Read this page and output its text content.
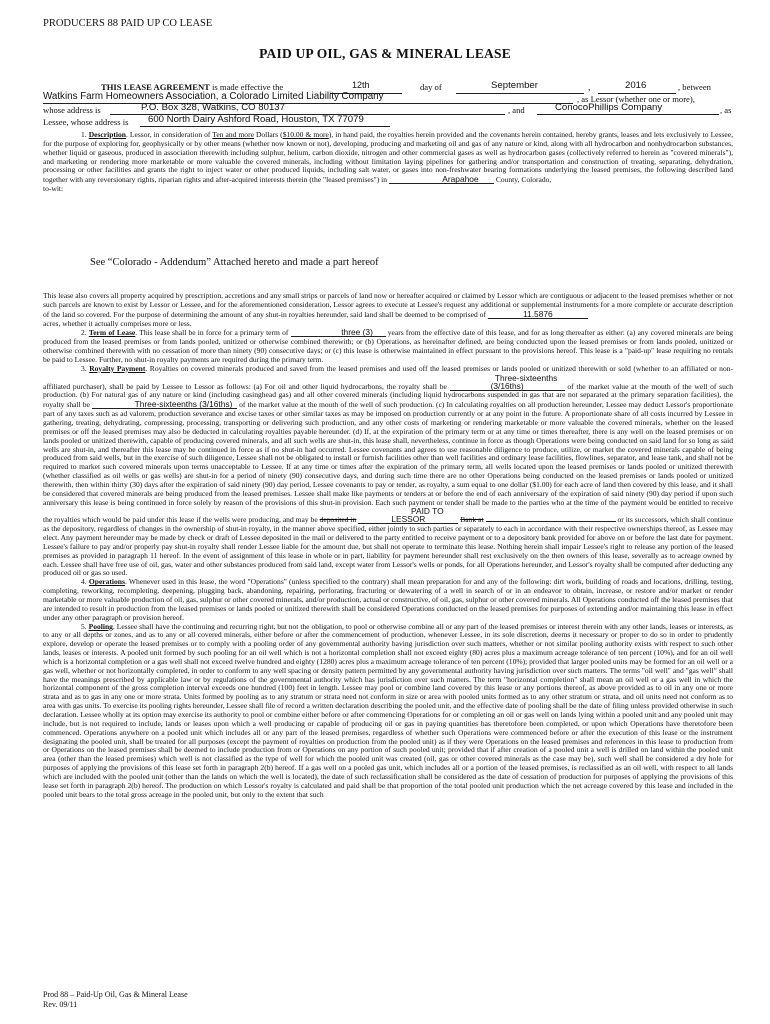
PRODUCERS 88 PAID UP CO LEASE
PAID UP OIL, GAS & MINERAL LEASE
THIS LEASE AGREEMENT is made effective the	12th	day of	September	,	2016	, between
Watkins Farm Homeowners Association, a Colorado Limited Liability Company	, as Lessor (whether one or more),
whose address is	P.O. Box 328, Watkins, CO 80137	, and	ConocoPhillips Company	, as
Lessee, whose address is 600 North Dairy Ashford Road, Houston, TX 77079

1. Description. Lessor, in consideration of Ten and more Dollars ($10.00 & more), in hand paid, the royalties herein provided and the covenants herein contained, hereby grants, leases and lets exclusively to Lessee, for the purpose of exploring for, geophysically or by other means (whether now known or not), developing, producing and marketing oil and gas of any nature or kind, along with all hydrocarbon and nonhydrocarbon substances, whether liquid or gaseous, produced in association therewith including sulphur, helium, carbon dioxide, nitrogen and other commercial gases as well as hydrocarbon gases (collectively referred to herein as "covered minerals"), and marketing or rendering more marketable or more valuable the covered minerals, including without limitation laying pipelines for gathering and/or transportation and construction of treating, separating, dehydration, processing or other facilities and grants the right to inject water or other produced liquids, including salt water, or gases into non-freshwater bearing formations underlying the leased premises, the following described land together with any reversionary rights, riparian rights and after-acquired interests therein (the "leased premises") in	Arapahoe County, Colorado,

to-wit:

See “Colorado - Addendum” Attached hereto and made a part hereof

This lease also covers all property acquired by prescription, accretions and any small strips or parcels of land now or hereafter acquired or claimed by Lessor which are contiguous or adjacent to the leased premises whether or not such parcels are known to exist by Lessor or Lessee, and for the aforementioned consideration, Lessor agrees to execute at Lessee's request any additional or supplemental instruments for a more complete or accurate description of the land so covered. For the purpose of determining the amount of any shut-in royalties hereunder, said land shall be deemed to be comprised of	11.5876

acres, whether it actually comprises more or less.

2. Term of Lease. This lease shall be in force for a primary term of	three (3) years from the effective date of this lease, and for as long thereafter as either: (a) any covered minerals are being produced from the leased premises or from lands pooled, unitized or otherwise combined therewith; or (b) Operations, as hereinafter defined, are being conducted upon the leased premises or from lands pooled, unitized or otherwise combined therewith with no cessation of more than ninety (90) consecutive days; or (c) this lease is otherwise maintained in effect pursuant to the provisions hereof. This lease is a "paid-up" lease requiring no rentals be paid to Lessee. Further, no shut-in royalty payments are required during the primary term.

3. Royalty Payment. Royalties on covered minerals produced and saved from the leased premises and used off the leased premises or lands pooled or unitized therewith or sold (whether to an affiliated or non-affiliated purchaser), shall be paid by Lessee to Lessor as follows: (a) For oil and other liquid hydrocarbons, the royalty shall be Three-sixteenths (3/16ths)	of the market value at the mouth of the well of such production. (b) For natural gas of any nature or kind (including casinghead gas) and all other covered minerals (including liquid hydrocarbons suspended in gas that are not separated at the primary separation facilities), the royalty shall be	Three-sixteenths (3/16ths) of the market value at the mouth of the well of such production. (c) In calculating royalties on all production hereunder, Lessee may deduct Lessor's proportionate part of any taxes such as ad valorem, production severance and excise taxes or other similar taxes as may be imposed on production currently or at any point in the future. A proportionate share of all costs incurred by Lessee in gathering, treating, dehydrating, compressing, processing, transporting or delivering such production, and any other costs of marketing or rendering marketable or more valuable the covered minerals, whether on the leased premises or off the leased premises may also be deducted in calculating royalties payable hereunder. (d) If, at the expiration of the primary term or at any time or times thereafter, there is any well on the leased premises or on lands pooled or unitized therewith, capable of producing covered minerals, and all such wells are shut-in, this lease shall, nevertheless, continue in force as though Operations were being conducted on said land for so long as said wells are shut-in, and thereafter this lease may be continued in force as if no shut-in had occurred. Lessee covenants and agrees to use reasonable diligence to produce, utilize, or market the covered minerals capable of being produced from said wells, but in the exercise of such diligence, Lessee shall not be obligated to install or furnish facilities other than well facilities and ordinary lease facilities, flowlines, separator, and lease tank, and shall not be required to market such covered minerals upon terms unacceptable to Lessee. If at any time or times after the expiration of the primary term, all wells located upon the leased premises or lands pooled or unitized therewith (whether classified as oil wells or gas wells) are shut-in for a period of ninety (90) consecutive days, and during such time there are no other Operations being conducted on the leased premises or lands pooled or unitized therewith, then within thirty (30) days after the expiration of said ninety (90) day period, Lessee covenants to pay or tender, as royalty, a sum equal to one dollar ($1.00) for each acre of land then covered by this lease, and it shall be considered that covered minerals are being produced from the leased premises. Lessee shall make like payments or tenders at or before the end of each anniversary of the expiration of said ninety (90) day period if upon such anniversary this lease is being continued in force solely by reason of the provisions of this shut-in provision. Each such payment or tender shall be made to the parties who at the time of the payment would be entitled to receive the royalties which would be paid under this lease if the wells were producing, and may be deposited in PAID TO LESSOR	Bank at	or its successors, which shall continue as the depository, regardless of changes in the ownership of shut-in royalty, in the manner above specified, either jointly to such parties or separately to each in accordance with their respective ownerships thereof, as Lessee may elect. Any payment hereunder may be made by check or draft of Lessee deposited in the mail or delivered to the party entitled to receive payment or to a depository bank provided for above on or before the last date for payment. Lessee's failure to pay and/or properly pay shut-in royalty shall render Lessee liable for the amount due, but shall not operate to terminate this lease. Nothing herein shall impair Lessee's right to release any portion of the leased premises as provided in paragraph 11 hereof. In the event of assignment of this lease in whole or in part, liability for payment hereunder shall rest exclusively on the then owners of this lease, severally as to acreage owned by each. Lessee shall have free use of oil, gas, water and other substances produced from said land, except water from Lessor's wells or ponds, for all Operations hereunder, and Lessor's royalty shall be computed after deducting any produced oil or gas so used.

4. Operations. Whenever used in this lease, the word "Operations" (unless specified to the contrary) shall mean preparation for and any of the following: dirt work, building of roads and locations, drilling, testing, completing, reworking, recompleting, deepening, plugging back, abandoning, repairing, perforating, fracturing or dewatering of a well in search of or in an endeavor to obtain, increase, or restore and/or market or render marketable or more valuable production of oil, gas, sulphur or other covered minerals, and/or production, actual or constructive, of oil, gas, sulphur or other covered minerals. All Operations conducted off the leased premises that are intended to result in production from the leased premises or lands pooled or unitized therewith shall be considered Operations conducted on the leased premises for purposes of extending and/or maintaining this lease in effect under any other paragraph or provision hereof.

5. Pooling. Lessee shall have the continuing and recurring right, but not the obligation, to pool or otherwise combine all or any part of the leased premises or interest therein with any other lands, leases or interests, as to any or all depths or zones, and as to any or all covered minerals, either before or after the commencement of production, whenever Lessee, in its sole discretion, deems it necessary or proper to do so in order to prudently explore, develop or operate the leased premises or to comply with a pooling order of any governmental authority having jurisdiction over such matters, whether or not similar pooling authority exists with respect to such other lands, leases or interests. A pooled unit formed by such pooling for an oil well which is not a horizontal completion shall not exceed eighty (80) acres plus a maximum acreage tolerance of ten percent (10%), and for an oil well which is a horizontal completion or a gas well shall not exceed twelve hundred and eighty (1280) acres plus a maximum acreage tolerance of ten percent (10%); provided that larger pooled units may be formed for an oil well or a gas well, whether or not horizontally completed, in order to conform to any well spacing or density pattern permitted by any governmental authority having jurisdiction over such matters. The terms "oil well" and "gas well" shall have the meanings prescribed by applicable law or by regulations of the governmental authority which has jurisdiction over such matters. The term "horizontal completion" shall mean an oil well or a gas well in which the horizontal component of the gross completion interval exceeds one hundred (100) feet in length. Lessee may pool or combine land covered by this lease or any portions thereof, as above provided as to oil in any one or more strata and as to gas in any one or more strata. Units formed by pooling as to any stratum or strata need not conform in size or area with pooled units formed as to any other stratum or strata, and oil units need not conform as to area with gas units. To exercise its pooling rights hereunder, Lessee shall file of record a written declaration describing the pooled unit, and the effective date of pooling shall be the date of filing unless provided otherwise in such declaration. Lessee wholly at its option may exercise its authority to pool or combine either before or after commencing Operations for or completing an oil or gas well on lands lying within a pooled unit and any pooled unit may include, but is not required to include, lands or leases upon which a well producing or capable of producing oil or gas in paying quantities has theretofore been completed, or upon which Operations have theretofore been commenced. Operations anywhere on a pooled unit which includes all or any part of the leased premises, regardless of whether such Operations were commenced before or after the execution of this lease or the instrument designating the pooled unit, shall be treated for all purposes (except the payment of royalties on production from the pooled unit) as if they were Operations on the leased premises and references in this lease to production from or Operations on the leased premises shall be deemed to include production from or Operations on any portion of such pooled unit; provided that if after creation of a pooled unit a well is drilled on land within the pooled unit area (other than the leased premises) which well is not classified as the type of well for which the pooled unit was created (oil, gas or other covered minerals as the case may be), such well shall be considered a dry hole for purposes of applying the provisions of this lease set forth in paragraph 2(b) hereof. If a gas well on a pooled gas unit, which includes all or a portion of the leased premises, is reclassified as an oil well, with respect to all lands which are included with the pooled unit (other than the lands on which the well is located), the date of such reclassification shall be considered as the date of cessation of production for purposes of applying the provisions of this lease set forth in paragraph 2(b) hereof. The production on which Lessor's royalty is calculated and paid shall be that proportion of the total pooled unit production which the net acreage covered by this lease and included in the pooled unit bears to the total gross acreage in the pooled unit, but only to the extent that such

Prod 88 – Paid-Up Oil, Gas & Mineral Lease
Rev. 09/11
